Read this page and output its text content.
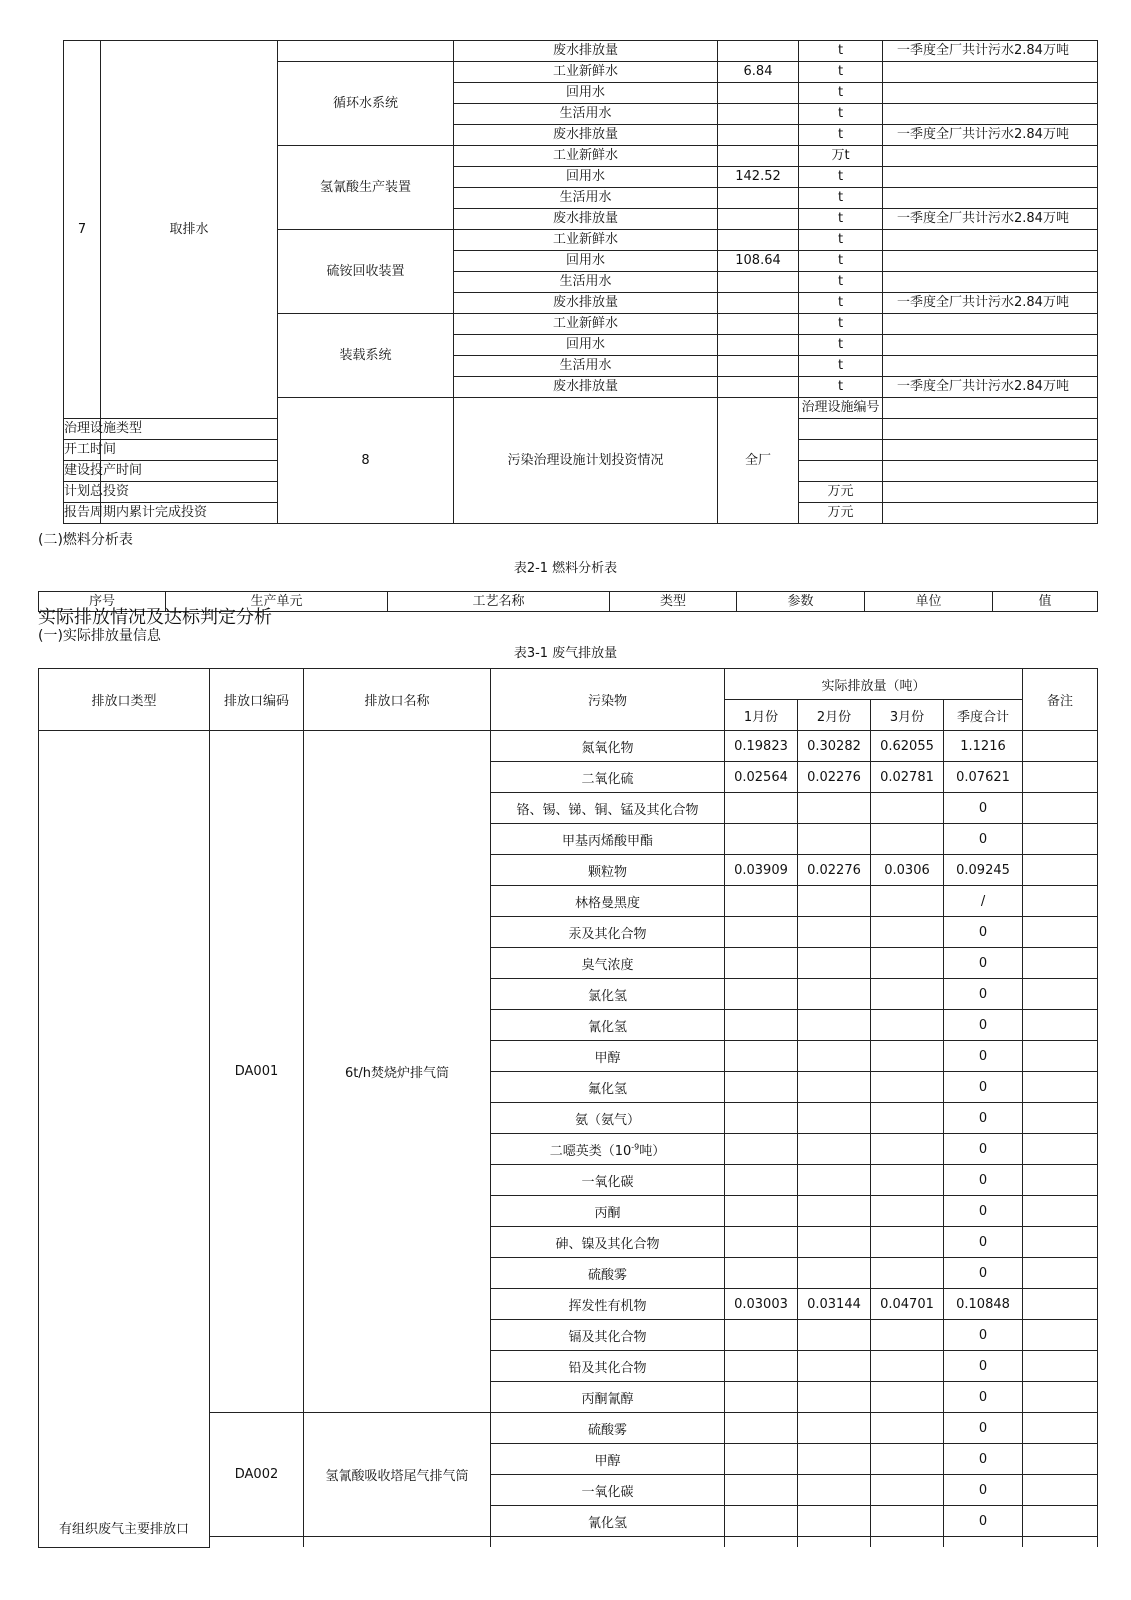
7	取排水		废水排放量		t	一季度全厂共计污水2.84万吨	
		循环水系统	工业新鲜水	6.84	t		
			回用水		t		
			生活用水		t		
			废水排放量		t	一季度全厂共计污水2.84万吨	
		氢氰酸生产装置	工业新鲜水		万t		
			回用水	142.52	t		
			生活用水		t		
			废水排放量		t	一季度全厂共计污水2.84万吨	
		硫铵回收装置	工业新鲜水		t		
			回用水	108.64	t		
			生活用水		t		
			废水排放量		t	一季度全厂共计污水2.84万吨	
		装载系统	工业新鲜水		t		
			回用水		t		
			生活用水		t		
			废水排放量		t	一季度全厂共计污水2.84万吨	
		8	污染治理设施计划投资情况	全厂	治理设施编号			
治理设施类型							
开工时间							
建设投产时间							
计划总投资					万元		
报告周期内累计完成投资					万元		
(二)燃料分析表
表2-1 燃料分析表
序号	生产单元	工艺名称	类型	参数	单位	值
实际排放情况及达标判定分析
(一)实际排放量信息
表3-1 废气排放量
排放口类型	排放口编码	排放口名称	污染物	实际排放量（吨）				备注
				1月份	2月份	3月份	季度合计	
有组织废气主要排放口	DA001	6t/h焚烧炉排气筒	氮氧化物	0.19823	0.30282	0.62055	1.1216	
			二氧化硫	0.02564	0.02276	0.02781	0.07621	
			铬、锡、锑、铜、锰及其化合物				0	
			甲基丙烯酸甲酯				0	
			颗粒物	0.03909	0.02276	0.0306	0.09245	
			林格曼黑度				/	
			汞及其化合物				0	
			臭气浓度				0	
			氯化氢				0	
			氰化氢				0	
			甲醇				0	
			氟化氢				0	
			氨（氨气）				0	
			二噁英类（$10^{-9}$吨）				0	
			一氧化碳				0	
			丙酮				0	
			砷、镍及其化合物				0	
			硫酸雾				0	
			挥发性有机物	0.03003	0.03144	0.04701	0.10848	
			镉及其化合物				0	
			铅及其化合物				0	
			丙酮氰醇				0	
	DA002	氢氰酸吸收塔尾气排气筒	硫酸雾				0	
			甲醇				0	
			一氧化碳				0	
			氰化氢				0	
